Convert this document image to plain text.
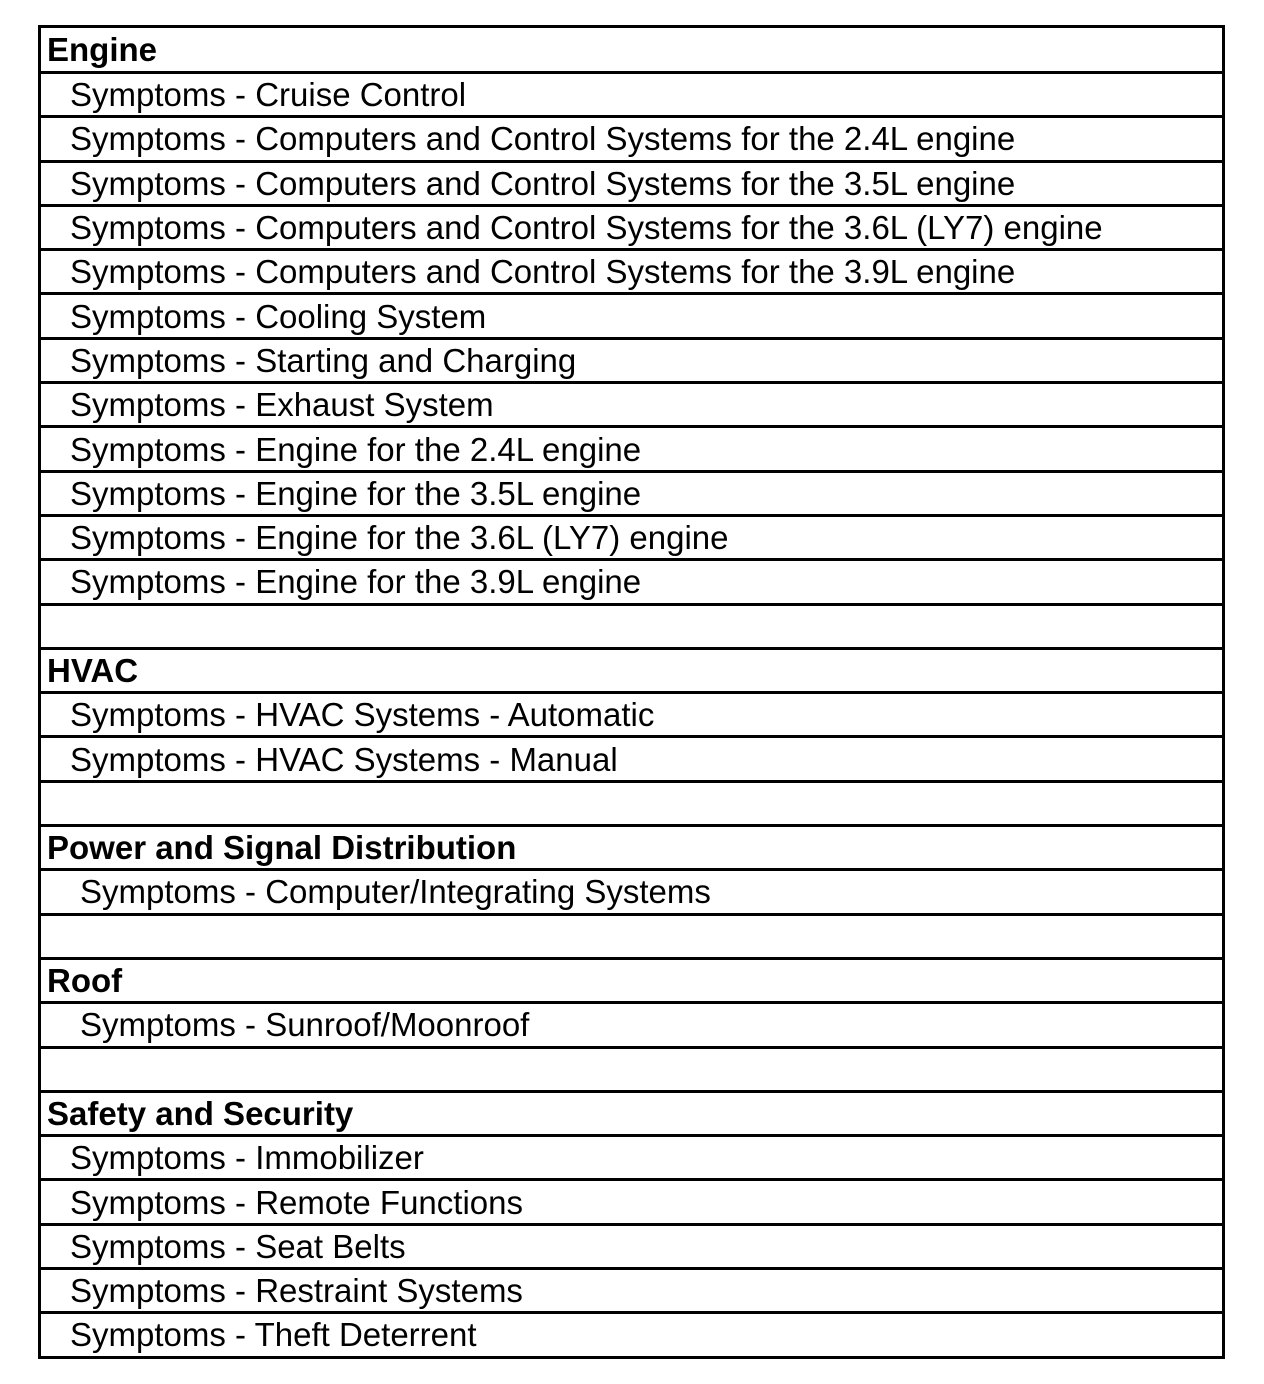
Engine
Symptoms - Cruise Control
Symptoms - Computers and Control Systems for the 2.4L engine
Symptoms - Computers and Control Systems for the 3.5L engine
Symptoms - Computers and Control Systems for the 3.6L (LY7) engine
Symptoms - Computers and Control Systems for the 3.9L engine
Symptoms - Cooling System
Symptoms - Starting and Charging
Symptoms - Exhaust System
Symptoms - Engine for the 2.4L engine
Symptoms - Engine for the 3.5L engine
Symptoms - Engine for the 3.6L (LY7) engine
Symptoms - Engine for the 3.9L engine
HVAC
Symptoms - HVAC Systems - Automatic
Symptoms - HVAC Systems - Manual
Power and Signal Distribution
Symptoms - Computer/Integrating Systems
Roof
Symptoms - Sunroof/Moonroof
Safety and Security
Symptoms - Immobilizer
Symptoms - Remote Functions
Symptoms - Seat Belts
Symptoms - Restraint Systems
Symptoms - Theft Deterrent
